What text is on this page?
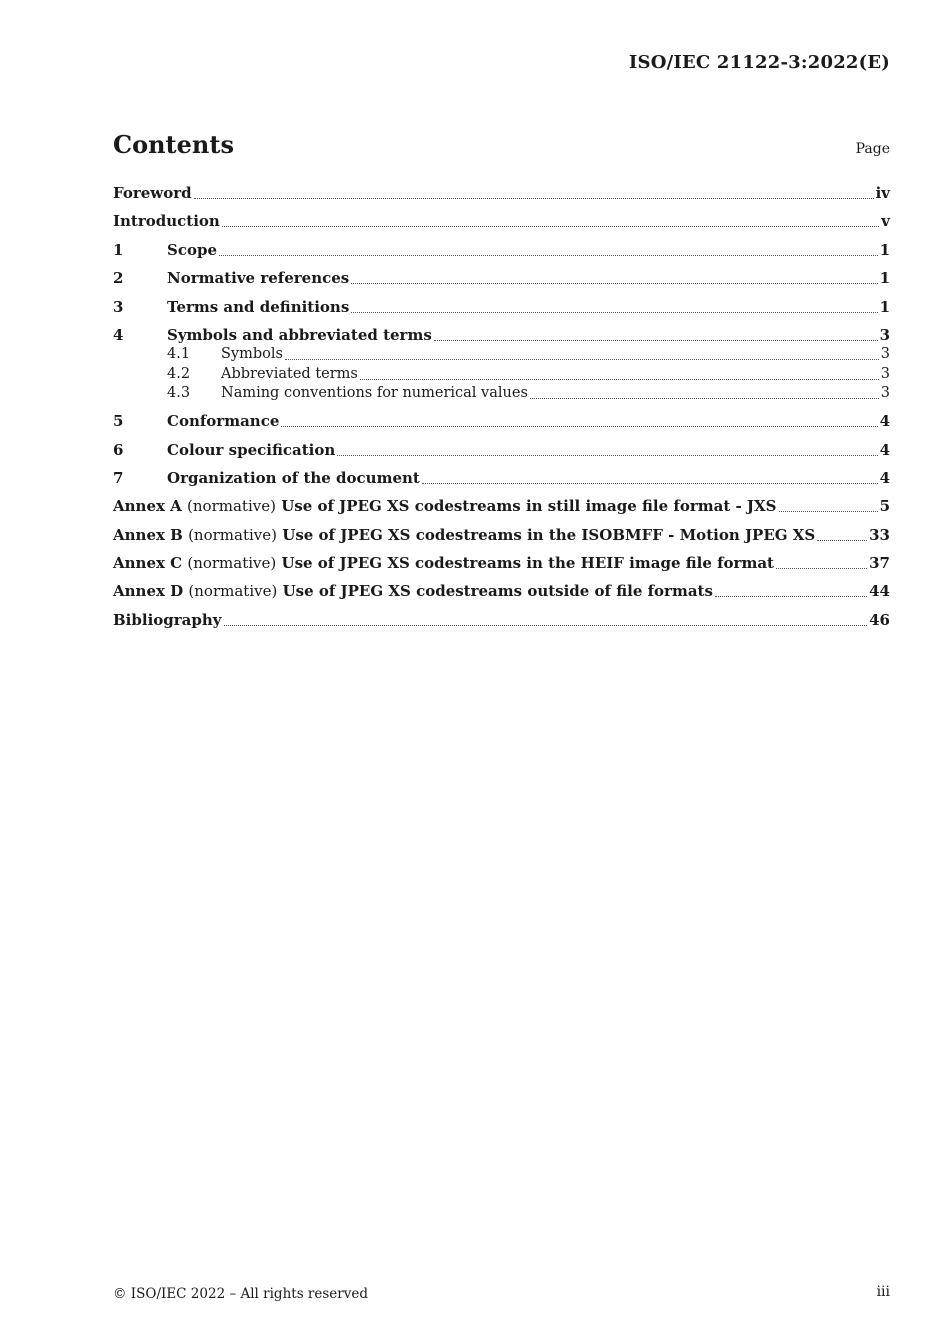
ISO/IEC 21122-3:2022(E)
Contents	Page
Foreword	iv
Introduction	v
1	Scope	1
2	Normative references	1
3	Terms and definitions	1
4	Symbols and abbreviated terms	3
4.1	Symbols	3
4.2	Abbreviated terms	3
4.3	Naming conventions for numerical values	3
5	Conformance	4
6	Colour specification	4
7	Organization of the document	4
Annex A (normative) Use of JPEG XS codestreams in still image file format - JXS	5
Annex B (normative) Use of JPEG XS codestreams in the ISOBMFF - Motion JPEG XS	33
Annex C (normative) Use of JPEG XS codestreams in the HEIF image file format	37
Annex D (normative) Use of JPEG XS codestreams outside of file formats	44
Bibliography	46
© ISO/IEC 2022 – All rights reserved	iii
